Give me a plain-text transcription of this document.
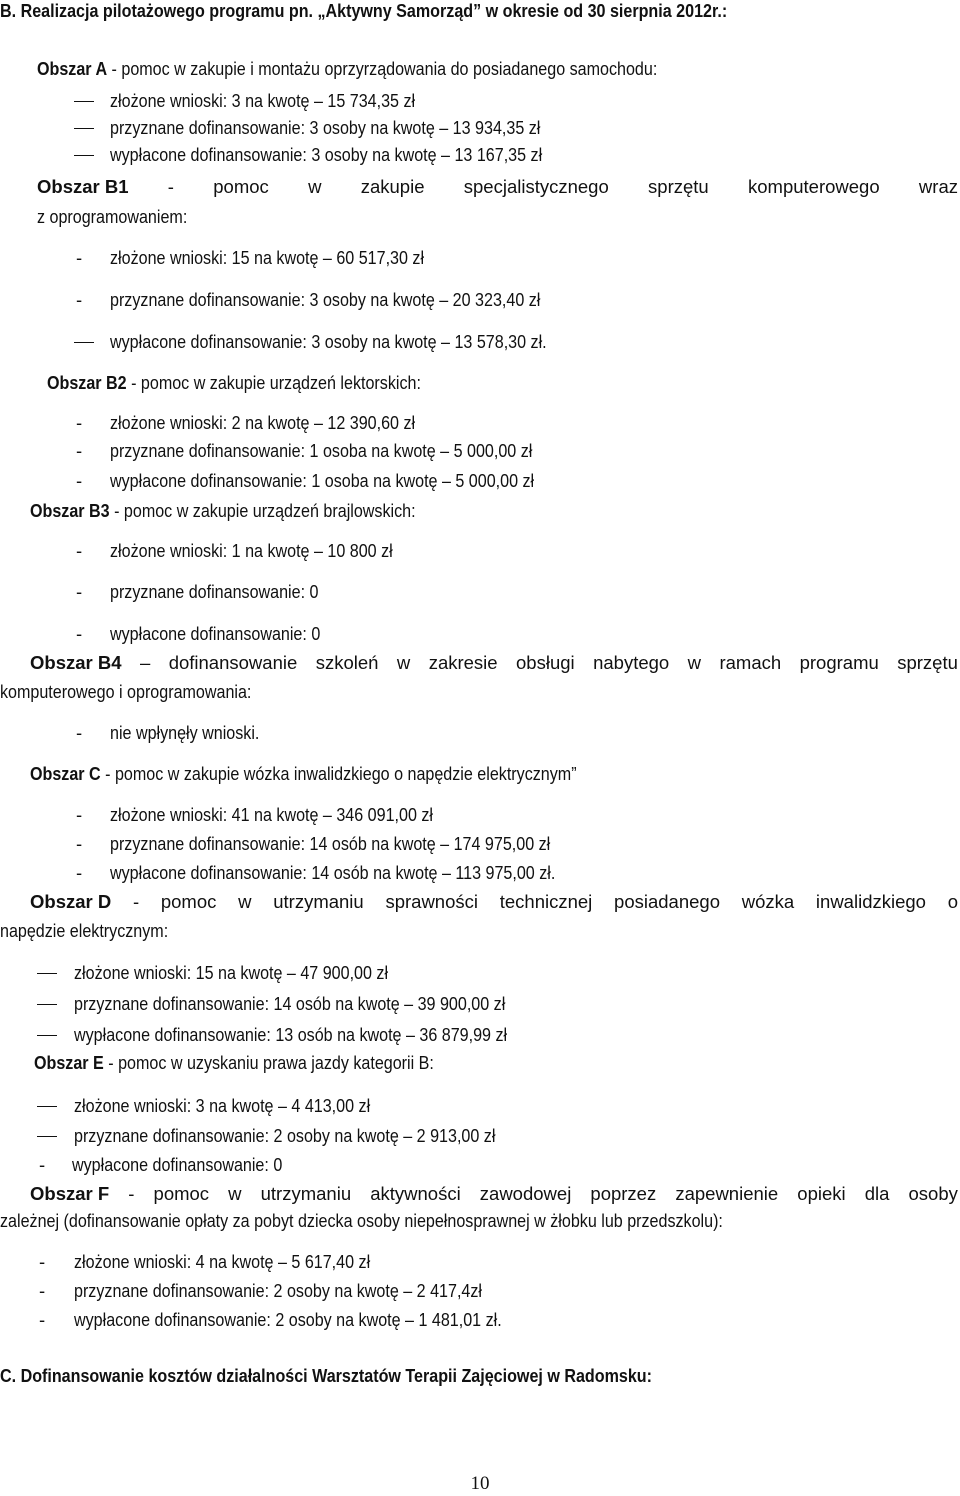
B. Realizacja pilotażowego programu pn. „Aktywny Samorząd” w okresie od 30 sierpnia 2012r.:
Obszar A - pomoc w zakupie i montażu oprzyrządowania do posiadanego samochodu:
złożone wnioski: 3 na kwotę – 15 734,35 zł
przyznane dofinansowanie: 3 osoby na kwotę – 13 934,35 zł
wypłacone dofinansowanie: 3 osoby na kwotę – 13 167,35 zł
Obszar B1 - pomoc w zakupie specjalistycznego sprzętu komputerowego wraz
z oprogramowaniem:
- złożone wnioski: 15 na kwotę – 60 517,30 zł
- przyznane dofinansowanie: 3 osoby na kwotę – 20 323,40 zł
wypłacone dofinansowanie: 3 osoby na kwotę – 13 578,30 zł.
Obszar B2 - pomoc w zakupie urządzeń lektorskich:
- złożone wnioski: 2 na kwotę – 12 390,60 zł
- przyznane dofinansowanie: 1 osoba na kwotę – 5 000,00 zł
- wypłacone dofinansowanie: 1 osoba na kwotę – 5 000,00 zł
Obszar B3 - pomoc w zakupie urządzeń brajlowskich:
- złożone wnioski: 1 na kwotę – 10 800 zł
- przyznane dofinansowanie: 0
- wypłacone dofinansowanie: 0
Obszar B4 – dofinansowanie szkoleń w zakresie obsługi nabytego w ramach programu sprzętu
komputerowego i oprogramowania:
- nie wpłynęły wnioski.
Obszar C - pomoc w zakupie wózka inwalidzkiego o napędzie elektrycznym”
- złożone wnioski: 41 na kwotę – 346 091,00 zł
- przyznane dofinansowanie: 14 osób na kwotę – 174 975,00 zł
- wypłacone dofinansowanie: 14 osób na kwotę – 113 975,00 zł.
Obszar D - pomoc w utrzymaniu sprawności technicznej posiadanego wózka inwalidzkiego o
napędzie elektrycznym:
złożone wnioski: 15 na kwotę – 47 900,00 zł
przyznane dofinansowanie: 14 osób na kwotę – 39 900,00 zł
wypłacone dofinansowanie: 13 osób na kwotę – 36 879,99 zł
Obszar E - pomoc w uzyskaniu prawa jazdy kategorii B:
złożone wnioski: 3 na kwotę – 4 413,00 zł
przyznane dofinansowanie: 2 osoby na kwotę – 2 913,00 zł
- wypłacone dofinansowanie: 0
Obszar F - pomoc w utrzymaniu aktywności zawodowej poprzez zapewnienie opieki dla osoby
zależnej (dofinansowanie opłaty za pobyt dziecka osoby niepełnosprawnej w żłobku lub przedszkolu):
- złożone wnioski: 4 na kwotę – 5 617,40 zł
- przyznane dofinansowanie: 2 osoby na kwotę – 2 417,4zł
- wypłacone dofinansowanie: 2 osoby na kwotę – 1 481,01 zł.
C. Dofinansowanie kosztów działalności Warsztatów Terapii Zajęciowej w Radomsku:
10
